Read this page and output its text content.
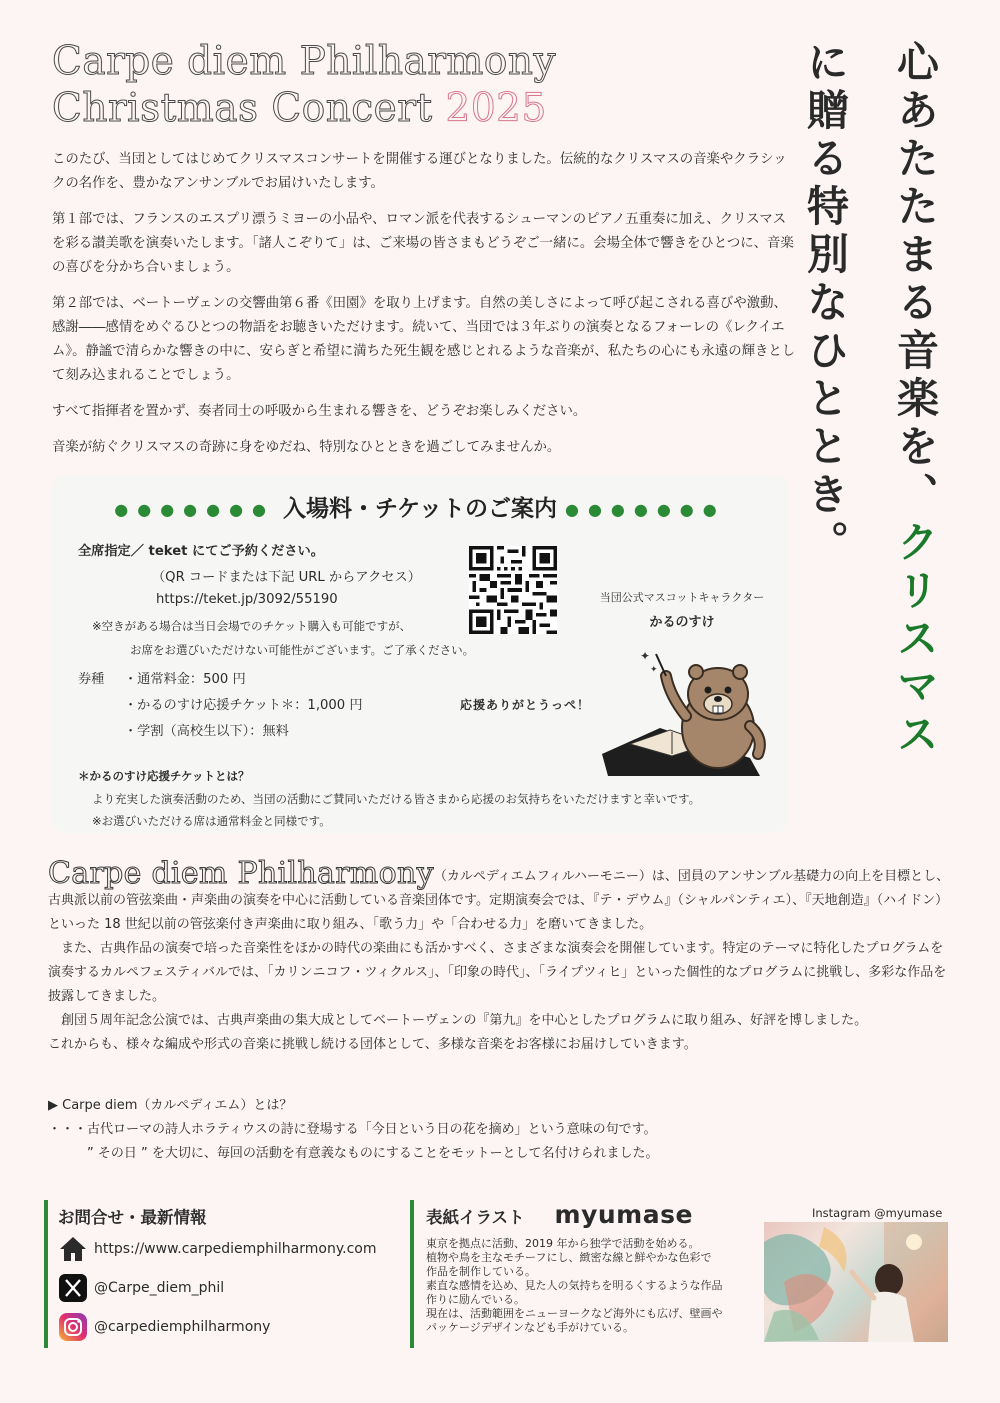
Carpe diem Philharmony
Christmas Concert 2025

このたび、当団としてはじめてクリスマスコンサートを開催する運びとなりました。伝統的なクリスマスの音楽やクラシックの名作を、豊かなアンサンブルでお届けいたします。

第１部では、フランスのエスプリ漂うミヨーの小品や、ロマン派を代表するシューマンのピアノ五重奏に加え、クリスマスを彩る讃美歌を演奏いたします。「諸人こぞりて」は、ご来場の皆さまもどうぞご一緒に。会場全体で響きをひとつに、音楽の喜びを分かち合いましょう。

第２部では、ベートーヴェンの交響曲第６番《田園》を取り上げます。自然の美しさによって呼び起こされる喜びや激動、感謝――感情をめぐるひとつの物語をお聴きいただけます。続いて、当団では３年ぶりの演奏となるフォーレの《レクイエム》。静謐で清らかな響きの中に、安らぎと希望に満ちた死生観を感じとれるような音楽が、私たちの心にも永遠の輝きとして刻み込まれることでしょう。

すべて指揮者を置かず、奏者同士の呼吸から生まれる響きを、どうぞお楽しみください。

音楽が紡ぐクリスマスの奇跡に身をゆだね、特別なひとときを過ごしてみませんか。	心あたたまる音楽を、クリスマスに贈る特別なひととき。
●●●●●●● 入場料・チケットのご案内 ●●●●●●●
全席指定／ teket にてご予約ください。
（QR コードまたは下記 URL からアクセス）
https://teket.jp/3092/55190
※空きがある場合は当日会場でのチケット購入も可能ですが、
お席をお選びいただけない可能性がございます。ご了承ください。
券種 ・通常料金：500 円
・かるのすけ応援チケット＊：1,000 円
・学割（高校生以下）：無料
＊かるのすけ応援チケットとは？
より充実した演奏活動のため、当団の活動にご賛同いただける皆さまから応援のお気持ちをいただけますと幸いです。
※お選びいただける席は通常料金と同様です。
当団公式マスコットキャラクター
かるのすけ
応援ありがとうっぺ！
✦
✦

Carpe diem Philharmony（カルペディエムフィルハーモニー）は、団員のアンサンブル基礎力の向上を目標とし、古典派以前の管弦楽曲・声楽曲の演奏を中心に活動している音楽団体です。定期演奏会では、『テ・デウム』（シャルパンティエ）、『天地創造』（ハイドン）といった 18 世紀以前の管弦楽付き声楽曲に取り組み、「歌う力」や「合わせる力」を磨いてきました。

　また、古典作品の演奏で培った音楽性をほかの時代の楽曲にも活かすべく、さまざまな演奏会を開催しています。特定のテーマに特化したプログラムを演奏するカルペフェスティバルでは、「カリンニコフ・ツィクルス」、「印象の時代」、「ライプツィヒ」といった個性的なプログラムに挑戦し、多彩な作品を披露してきました。

　創団５周年記念公演では、古典声楽曲の集大成としてベートーヴェンの『第九』を中心としたプログラムに取り組み、好評を博しました。

これからも、様々な編成や形式の音楽に挑戦し続ける団体として、多様な音楽をお客様にお届けしていきます。

▶ Carpe diem（カルペディエム）とは？
・・・古代ローマの詩人ホラティウスの詩に登場する「今日という日の花を摘め」という意味の句です。
　　　” その日 ” を大切に、毎回の活動を有意義なものにすることをモットーとして名付けられました。
お問合せ・最新情報
https://www.carpediemphilharmony.com
@Carpe_diem_phil
@carpediemphilharmony
表紙イラスト myumase
東京を拠点に活動、2019 年から独学で活動を始める。
植物や鳥を主なモチーフにし、緻密な線と鮮やかな色彩で
作品を制作している。
素直な感情を込め、見た人の気持ちを明るくするような作品
作りに励んでいる。
現在は、活動範囲をニューヨークなど海外にも広げ、壁画や
パッケージデザインなども手がけている。
Instagram @myumase
